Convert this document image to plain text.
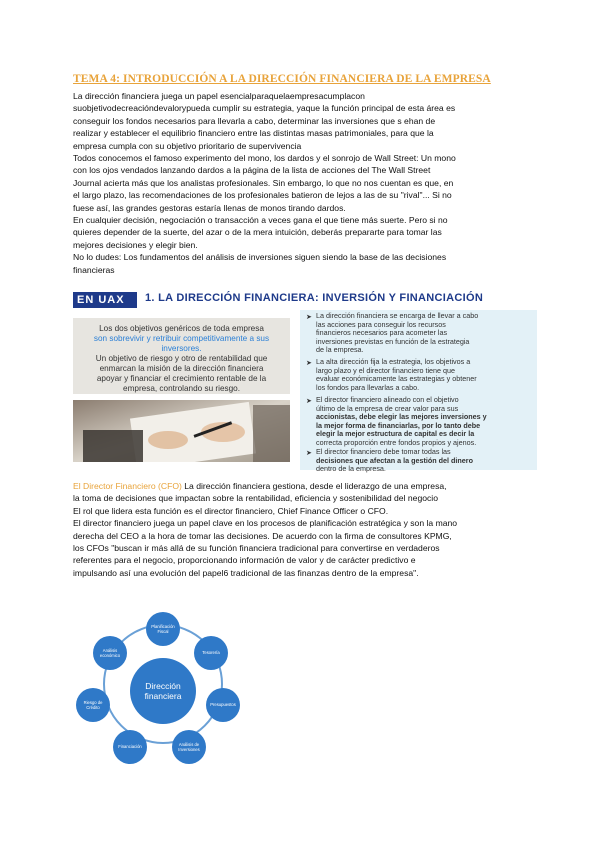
TEMA 4: INTRODUCCIÓN A LA DIRECCIÓN FINANCIERA DE LA EMPRESA
La dirección financiera juega un papel esencialparaquelaempresacumplacon
suobjetivodecreacióndevalorypueda cumplir su estrategia, yaque la función principal de esta área es
conseguir los fondos necesarios para llevarla a cabo, determinar las inversiones que s ehan de
realizar y establecer el equilibrio financiero entre las distintas masas patrimoniales, para que la
empresa cumpla con su objetivo prioritario de supervivencia
Todos conocemos el famoso experimento del mono, los dardos y el sonrojo de Wall Street: Un mono
con los ojos vendados lanzando dardos a la página de la lista de acciones del The Wall Street
Journal acierta más que los analistas profesionales. Sin embargo, lo que no nos cuentan es que, en
el largo plazo, las recomendaciones de los profesionales batieron de lejos a las de su "rival"... Si no
fuese así, las grandes gestoras estaría llenas de monos tirando dardos.
En cualquier decisión, negociación o transacción a veces gana el que tiene más suerte. Pero si no
quieres depender de la suerte, del azar o de la mera intuición, deberás prepararte para tomar las
mejores decisiones y elegir bien.
No lo dudes: Los fundamentos del análisis de inversiones siguen siendo la base de las decisiones
financieras
EN UAX	1. LA DIRECCIÓN FINANCIERA: INVERSIÓN Y FINANCIACIÓN
Los dos objetivos genéricos de toda empresa
son sobrevivir y retribuir competitivamente a sus
inversores.
Un objetivo de riesgo y otro de rentabilidad que
enmarcan la misión de la dirección financiera
apoyar y financiar el crecimiento rentable de la
empresa, controlando su riesgo.
➤ La dirección financiera se encarga de llevar a cabo
las acciones para conseguir los recursos
financieros necesarios para acometer las
inversiones previstas en función de la estrategia
de la empresa.
➤ La alta dirección fija la estrategia, los objetivos a
largo plazo y el director financiero tiene que
evaluar económicamente las estrategias y obtener
los fondos para llevarlas a cabo.
➤ El director financiero alineado con el objetivo
último de la empresa de crear valor para sus
accionistas, debe elegir las mejores inversiones y
la mejor forma de financiarlas, por lo tanto debe
elegir la mejor estructura de capital es decir la
correcta proporción entre fondos propios y ajenos.
➤ El director financiero debe tomar todas las
decisiones que afectan a la gestión del dinero
dentro de la empresa.
El Director Financiero (CFO) La dirección financiera gestiona, desde el liderazgo de una empresa,
la toma de decisiones que impactan sobre la rentabilidad, eficiencia y sostenibilidad del negocio
El rol que lidera esta función es el director financiero, Chief Finance Officer o CFO.
El director financiero juega un papel clave en los procesos de planificación estratégica y son la mano
derecha del CEO a la hora de tomar las decisiones. De acuerdo con la firma de consultores KPMG,
los CFOs "buscan ir más allá de su función financiera tradicional para convertirse en verdaderos
referentes para el negocio, proporcionando información de valor y de carácter predictivo e
impulsando así una evolución del papel6 tradicional de las finanzas dentro de la empresa".
Dirección financiera
Planificación Fiscal
Tesorería
Presupuestos
Análisis de Inversiones
Financiación
Riesgo de Crédito
Análisis económico
